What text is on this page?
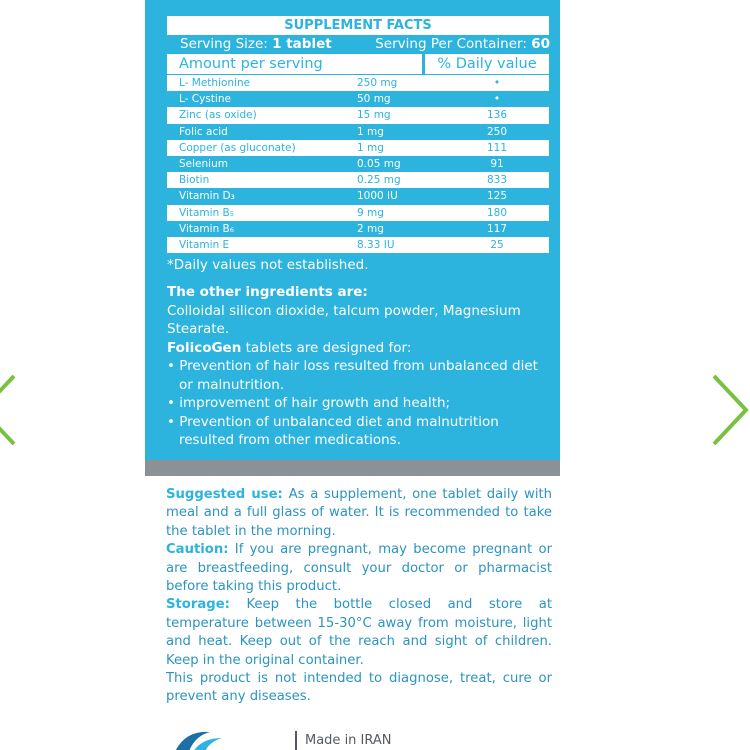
SUPPLEMENT FACTS
Serving Size: 1 tablet	Serving Per Container: 60
Amount per serving	% Daily value
L- Methionine	250 mg	•
L- Cystine	50 mg	•
Zinc (as oxide)	15 mg	136
Folic acid	1 mg	250
Copper (as gluconate)	1 mg	111
Selenium	0.05 mg	91
Biotin	0.25 mg	833
Vitamin D₃	1000 IU	125
Vitamin B₅	9 mg	180
Vitamin B₆	2 mg	117
Vitamin E	8.33 IU	25
*Daily values not established.
The other ingredients are:
Colloidal silicon dioxide, talcum powder, Magnesium Stearate.
FolicoGen tablets are designed for:
• Prevention of hair loss resulted from unbalanced diet or malnutrition.
• improvement of hair growth and health;
• Prevention of unbalanced diet and malnutrition resulted from other medications.
Suggested use: As a supplement, one tablet daily with meal and a full glass of water. It is recommended to take the tablet in the morning.
Caution: If you are pregnant, may become pregnant or are breastfeeding, consult your doctor or pharmacist before taking this product.
Storage: Keep the bottle closed and store at temperature between 15-30°C away from moisture, light and heat. Keep out of the reach and sight of children. Keep in the original container.
This product is not intended to diagnose, treat, cure or prevent any diseases.
Made in IRAN
